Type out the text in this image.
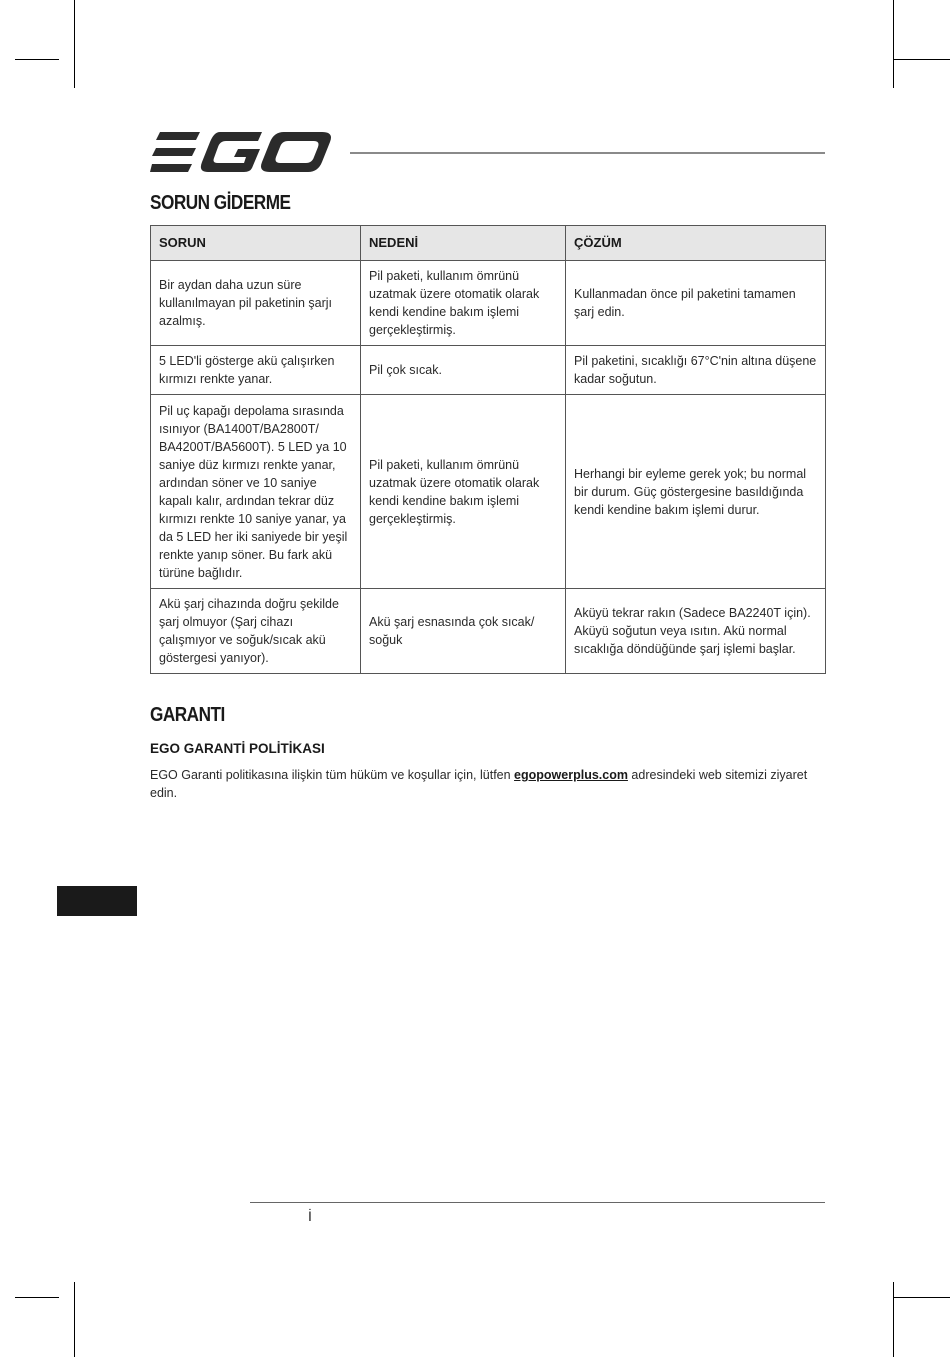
SORUN GİDERME
SORUN	NEDENİ	ÇÖZÜM
Bir aydan daha uzun süre kullanılmayan pil paketinin şarjı azalmış.	Pil paketi, kullanım ömrünü uzatmak üzere otomatik olarak kendi kendine bakım işlemi gerçekleştirmiş.	Kullanmadan önce pil paketini tamamen şarj edin.
5 LED'li gösterge akü çalışırken kırmızı renkte yanar.	Pil çok sıcak.	Pil paketini, sıcaklığı 67°C'nin altına düşene kadar soğutun.
Pil uç kapağı depolama sırasında ısınıyor (BA1400T/BA2800T/ BA4200T/BA5600T). 5 LED ya 10 saniye düz kırmızı renkte yanar, ardından söner ve 10 saniye kapalı kalır, ardından tekrar düz kırmızı renkte 10 saniye yanar, ya da 5 LED her iki saniyede bir yeşil renkte yanıp söner. Bu fark akü türüne bağlıdır.	Pil paketi, kullanım ömrünü uzatmak üzere otomatik olarak kendi kendine bakım işlemi gerçekleştirmiş.	Herhangi bir eyleme gerek yok; bu normal bir durum. Güç göstergesine basıldığında kendi kendine bakım işlemi durur.
Akü şarj cihazında doğru şekilde şarj olmuyor (Şarj cihazı çalışmıyor ve soğuk/sıcak akü göstergesi yanıyor).	Akü şarj esnasında çok sıcak/ soğuk	Aküyü tekrar rakın (Sadece BA2240T için). Aküyü soğutun veya ısıtın. Akü normal sıcaklığa döndüğünde şarj işlemi başlar.
GARANTI
EGO GARANTİ POLİTİKASI

EGO Garanti politikasına ilişkin tüm hüküm ve koşullar için, lütfen egopowerplus.com adresindeki web sitemizi ziyaret edin.

İ
